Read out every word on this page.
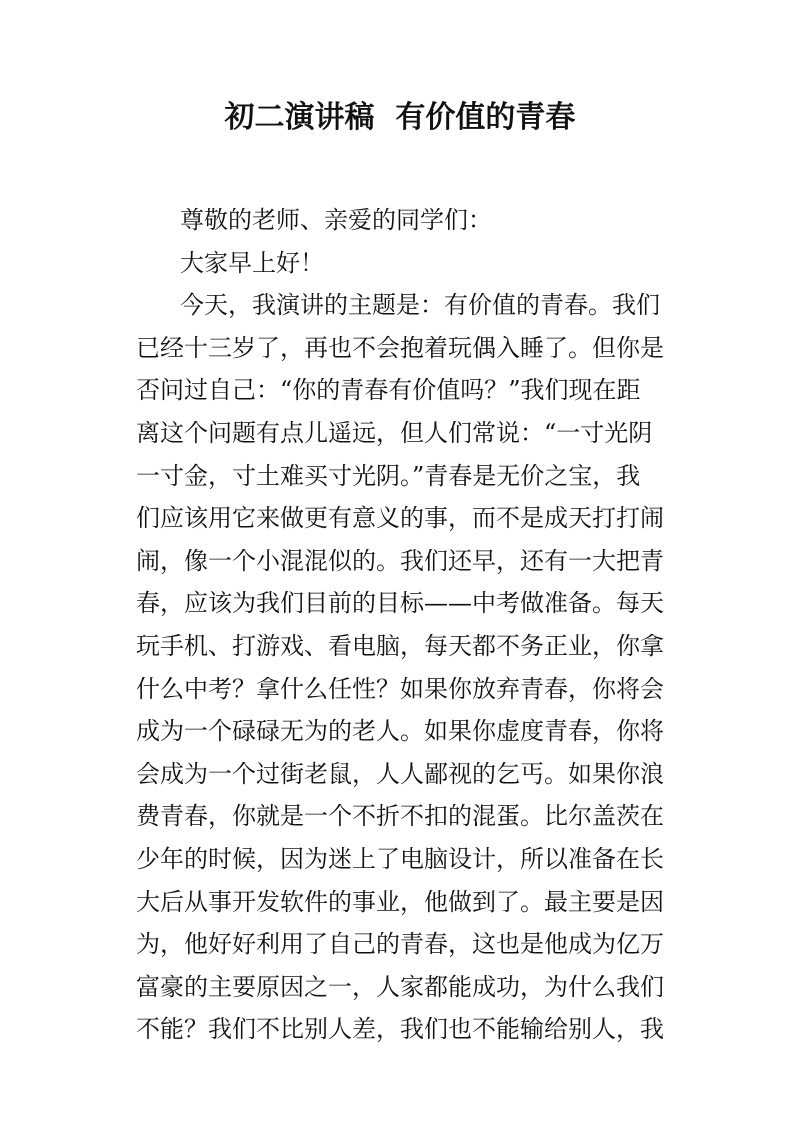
初二演讲稿  有价值的青春
尊敬的老师、亲爱的同学们：
大家早上好！
今天，我演讲的主题是：有价值的青春。我们
已经十三岁了，再也不会抱着玩偶入睡了。但你是
否问过自己：“你的青春有价值吗？”我们现在距
离这个问题有点儿遥远，但人们常说：“一寸光阴
一寸金，寸土难买寸光阴。”青春是无价之宝，我
们应该用它来做更有意义的事，而不是成天打打闹
闹，像一个小混混似的。我们还早，还有一大把青
春，应该为我们目前的目标——中考做准备。每天
玩手机、打游戏、看电脑，每天都不务正业，你拿
什么中考？拿什么任性？如果你放弃青春，你将会
成为一个碌碌无为的老人。如果你虚度青春，你将
会成为一个过街老鼠，人人鄙视的乞丐。如果你浪
费青春，你就是一个不折不扣的混蛋。比尔盖茨在
少年的时候，因为迷上了电脑设计，所以准备在长
大后从事开发软件的事业，他做到了。最主要是因
为，他好好利用了自己的青春，这也是他成为亿万
富豪的主要原因之一，人家都能成功，为什么我们
不能？我们不比别人差，我们也不能输给别人，我
